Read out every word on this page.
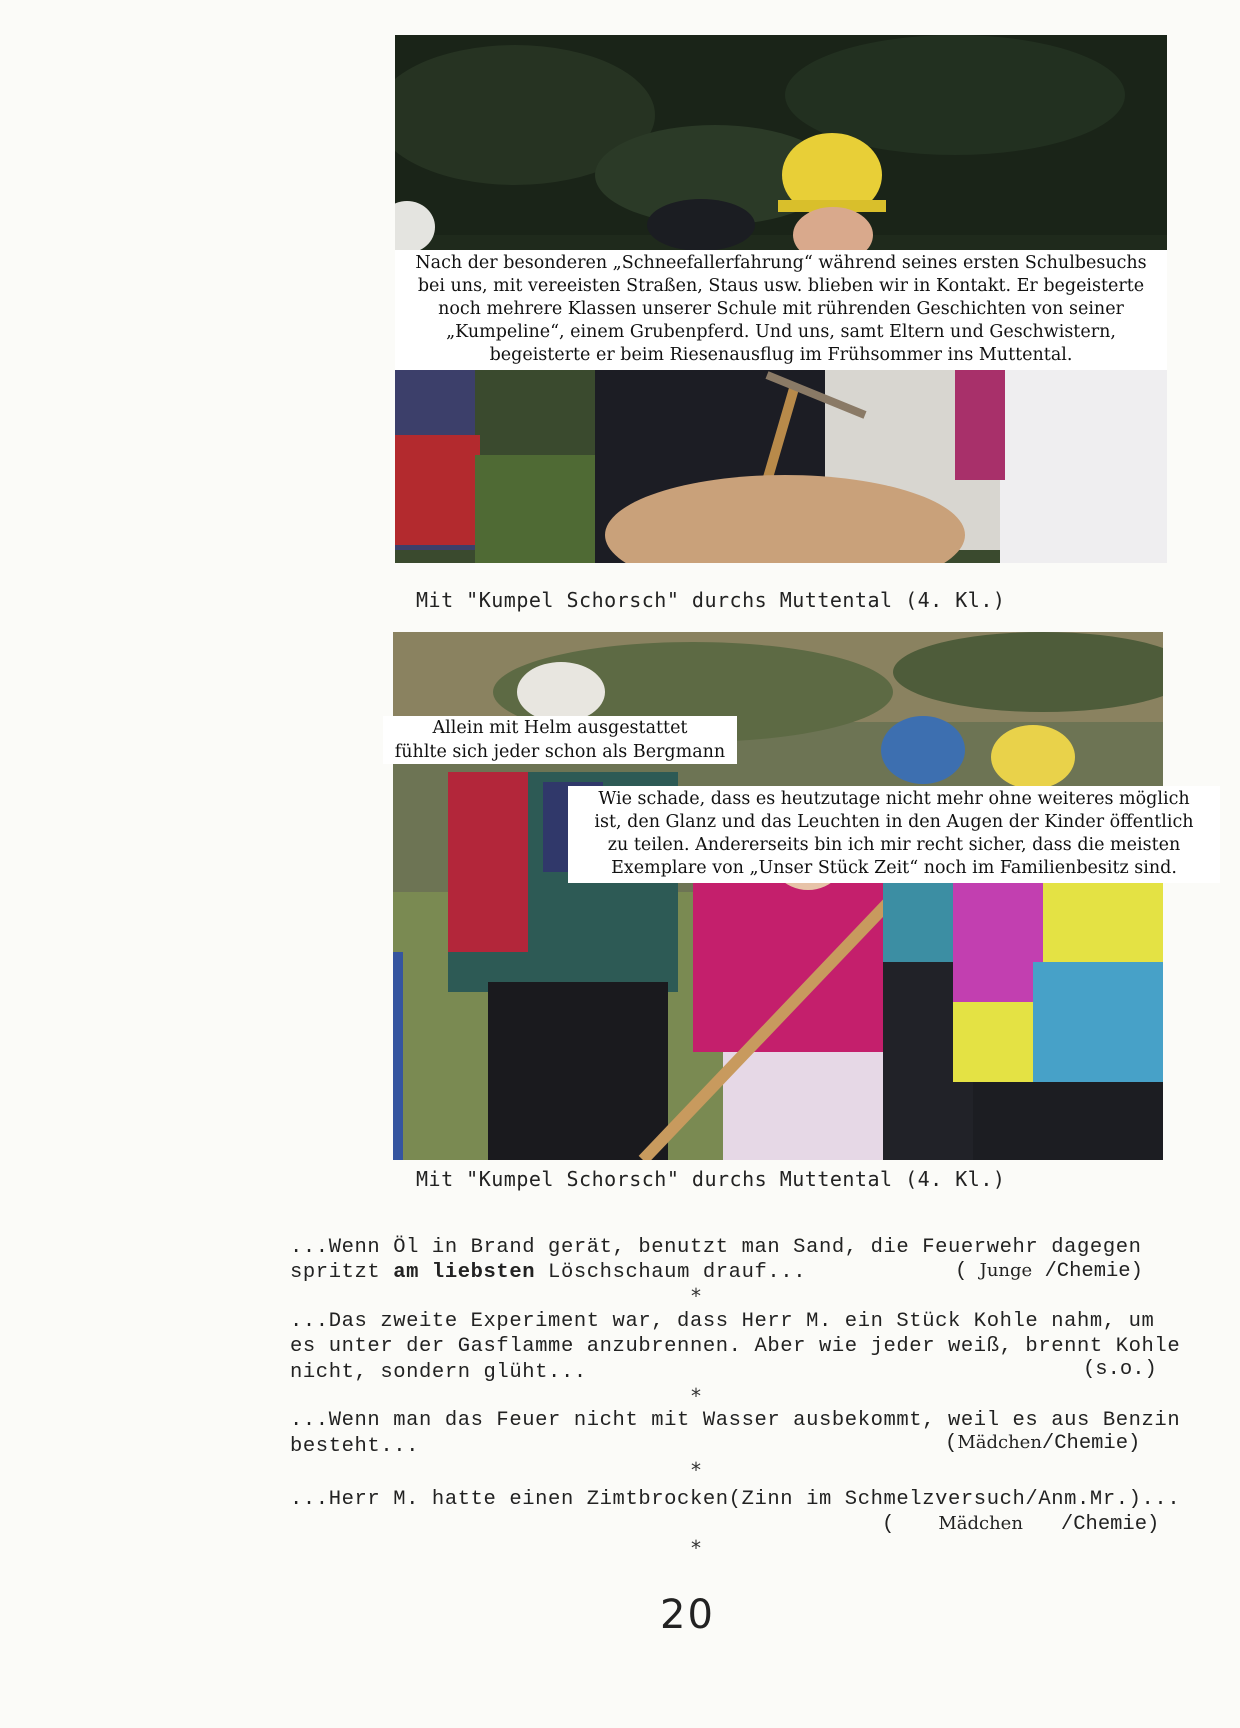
Nach der besonderen „Schneefallerfahrung“ während seines ersten Schulbesuchs
bei uns, mit vereeisten Straßen, Staus usw. blieben wir in Kontakt. Er begeisterte
noch mehrere Klassen unserer Schule mit rührenden Geschichten von seiner
„Kumpeline“, einem Grubenpferd. Und uns, samt Eltern und Geschwistern,
begeisterte er beim Riesenausflug im Frühsommer ins Muttental.
Mit "Kumpel Schorsch" durchs Muttental (4. Kl.)
Allein mit Helm ausgestattet
fühlte sich jeder schon als Bergmann
Wie schade, dass es heutzutage nicht mehr ohne weiteres möglich
ist, den Glanz und das Leuchten in den Augen der Kinder öffentlich
zu teilen. Andererseits bin ich mir recht sicher, dass die meisten
Exemplare von „Unser Stück Zeit“ noch im Familienbesitz sind.
Mit "Kumpel Schorsch" durchs Muttental (4. Kl.)
...Wenn Öl in Brand gerät, benutzt man Sand, die Feuerwehr dagegen
spritzt am liebsten Löschschaum drauf...	( Junge /Chemie)
*
...Das zweite Experiment war, dass Herr M. ein Stück Kohle nahm, um
es unter der Gasflamme anzubrennen. Aber wie jeder weiß, brennt Kohle
nicht, sondern glüht...	(s.o.)
*
...Wenn man das Feuer nicht mit Wasser ausbekommt, weil es aus Benzin
besteht...	(Mädchen/Chemie)
*
...Herr M. hatte einen Zimtbrocken(Zinn im Schmelzversuch/Anm.Mr.)...
( Mädchen /Chemie)
*
20
